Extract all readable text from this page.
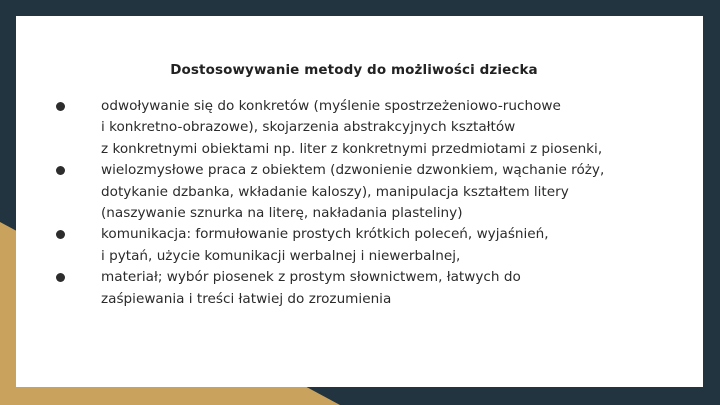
Dostosowywanie metody do możliwości dziecka
odwoływanie się do konkretów (myślenie spostrzeżeniowo-ruchowe
i konkretno-obrazowe), skojarzenia abstrakcyjnych kształtów
z konkretnymi obiektami np. liter z konkretnymi przedmiotami z piosenki,
wielozmysłowe praca z obiektem (dzwonienie dzwonkiem, wąchanie róży,
dotykanie dzbanka, wkładanie kaloszy), manipulacja kształtem litery
(naszywanie sznurka na literę, nakładania plasteliny)
komunikacja: formułowanie prostych krótkich poleceń, wyjaśnień,
i pytań, użycie komunikacji werbalnej i niewerbalnej,
materiał; wybór piosenek z prostym słownictwem, łatwych do
zaśpiewania i treści łatwiej do zrozumienia
